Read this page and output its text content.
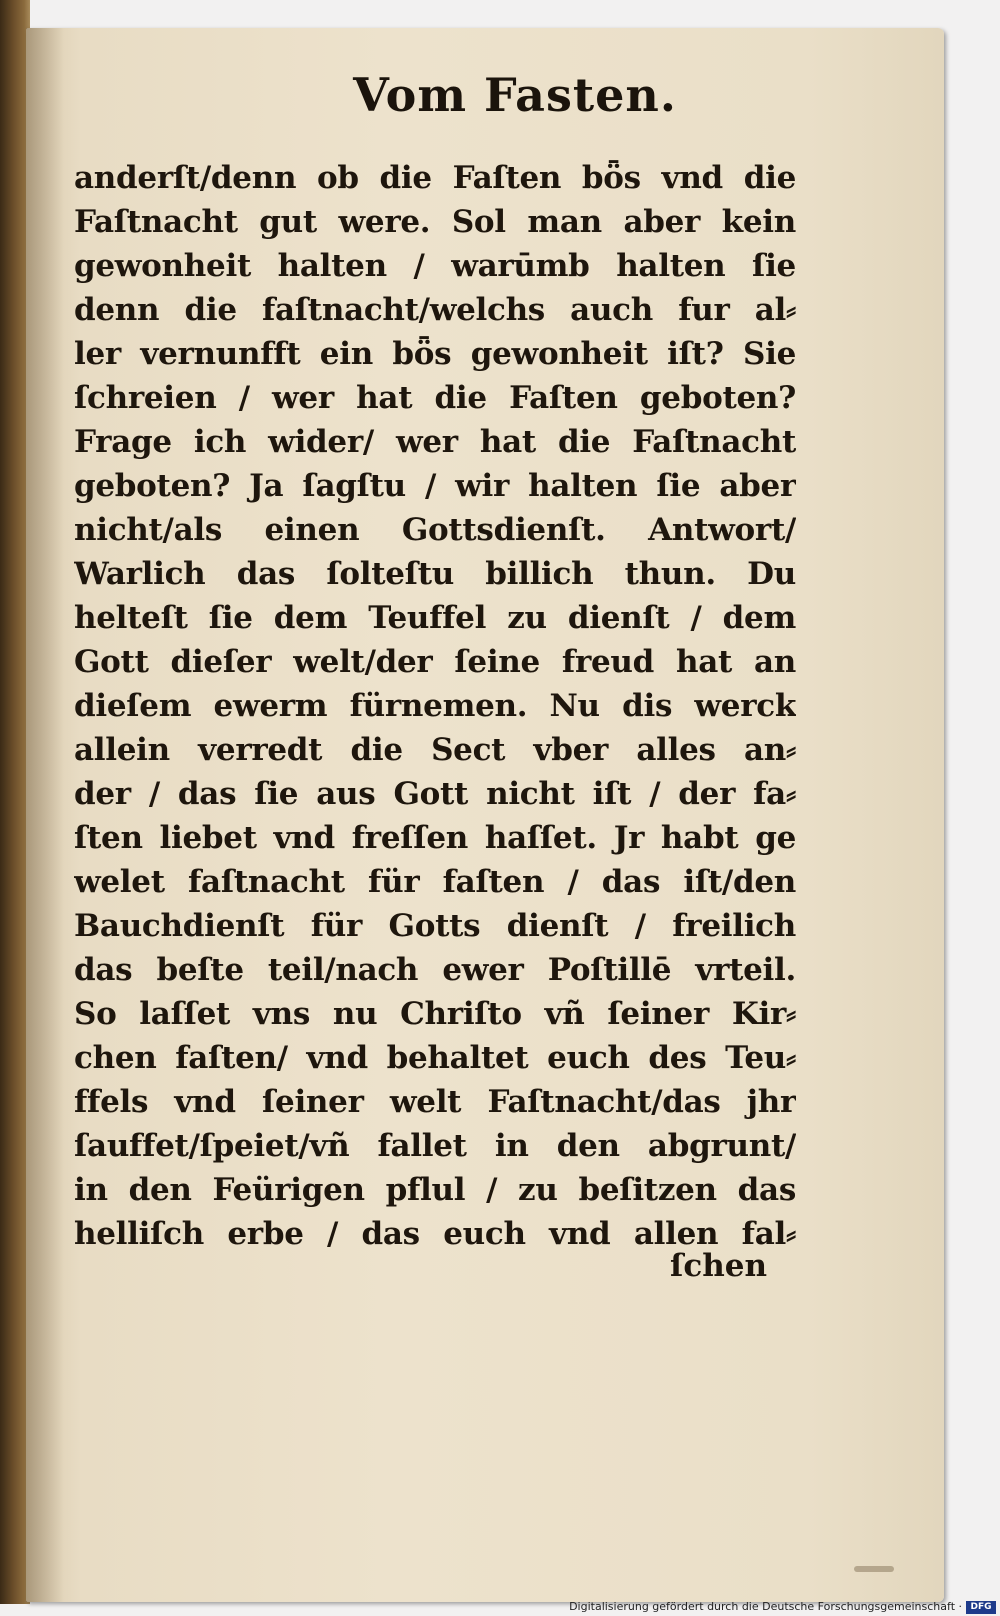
Vom Fasten.
anderſt/denn ob die Faſten bȫs vnd die
Faſtnacht gut were. Sol man aber kein
gewonheit halten / warūmb halten ſie
denn die faſtnacht/welchs auch fur al⸗
ler vernunfft ein bȫs gewonheit iſt? Sie
ſchreien / wer hat die Faſten geboten?
Frage ich wider/ wer hat die Faſtnacht
geboten? Ja ſagſtu / wir halten ſie aber
nicht/als einen Gottsdienſt. Antwort/
Warlich das ſolteſtu billich thun. Du
helteſt ſie dem Teuffel zu dienſt / dem
Gott dieſer welt/der ſeine freud hat an
dieſem ewerm fürnemen. Nu dis werck
allein verredt die Sect vber alles an⸗
der / das ſie aus Gott nicht iſt / der fa⸗
ſten liebet vnd freſſen haſſet. Jr habt ge
welet faſtnacht für faſten / das iſt/den
Bauchdienſt für Gotts dienſt / freilich
das beſte teil/nach ewer Poſtillē vrteil.
So laſſet vns nu Chriſto vñ ſeiner Kir⸗
chen faſten/ vnd behaltet euch des Teu⸗
ffels vnd ſeiner welt Faſtnacht/das jhr
ſauffet/ſpeiet/vñ fallet in den abgrunt/
in den Feürigen pflul / zu beſitzen das
helliſch erbe / das euch vnd allen fal⸗
ſchen
Digitalisierung gefördert durch die Deutsche Forschungsgemeinschaft · DFG
